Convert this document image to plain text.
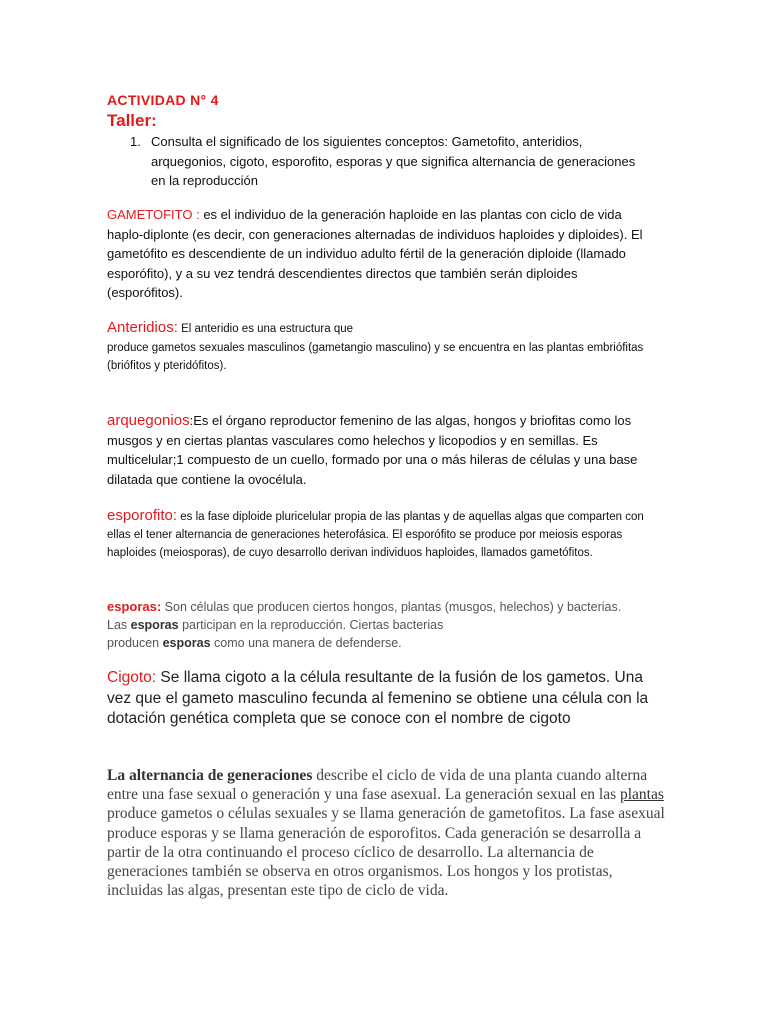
ACTIVIDAD N° 4
Taller:
1. Consulta el significado de los siguientes conceptos: Gametofito, anteridios, arquegonios, cigoto, esporofito, esporas y que significa alternancia de generaciones en la reproducción

GAMETOFITO : es el individuo de la generación haploide en las plantas con ciclo de vida haplo-diplonte (es decir, con generaciones alternadas de individuos haploides y diploides). El gametófito es descendiente de un individuo adulto fértil de la generación diploide (llamado esporófito), y a su vez tendrá descendientes directos que también serán diploides (esporófitos).

Anteridios: El anteridio es una estructura que
produce gametos sexuales masculinos (gametangio masculino) y se encuentra en las plantas embriófitas (briófitos y pteridófitos).

arquegonios:Es el órgano reproductor femenino de las algas, hongos y briofitas como los musgos y en ciertas plantas vasculares como helechos y licopodios y en semillas. Es multicelular;1 compuesto de un cuello, formado por una o más hileras de células y una base dilatada que contiene la ovocélula.

esporofito: es la fase diploide pluricelular propia de las plantas y de aquellas algas que comparten con ellas el tener alternancia de generaciones heterofásica. El esporófito se produce por meiosis esporas haploides (meiosporas), de cuyo desarrollo derivan individuos haploides, llamados gametófitos.

esporas: Son células que producen ciertos hongos, plantas (musgos, helechos) y bacterias. Las esporas participan en la reproducción. Ciertas bacterias
producen esporas como una manera de defenderse.

Cigoto: Se llama cigoto a la célula resultante de la fusión de los gametos. Una vez que el gameto masculino fecunda al femenino se obtiene una célula con la dotación genética completa que se conoce con el nombre de cigoto

La alternancia de generaciones describe el ciclo de vida de una planta cuando alterna entre una fase sexual o generación y una fase asexual. La generación sexual en las plantas produce gametos o células sexuales y se llama generación de gametofitos. La fase asexual produce esporas y se llama generación de esporofitos. Cada generación se desarrolla a partir de la otra continuando el proceso cíclico de desarrollo. La alternancia de generaciones también se observa en otros organismos. Los hongos y los protistas, incluidas las algas, presentan este tipo de ciclo de vida.
